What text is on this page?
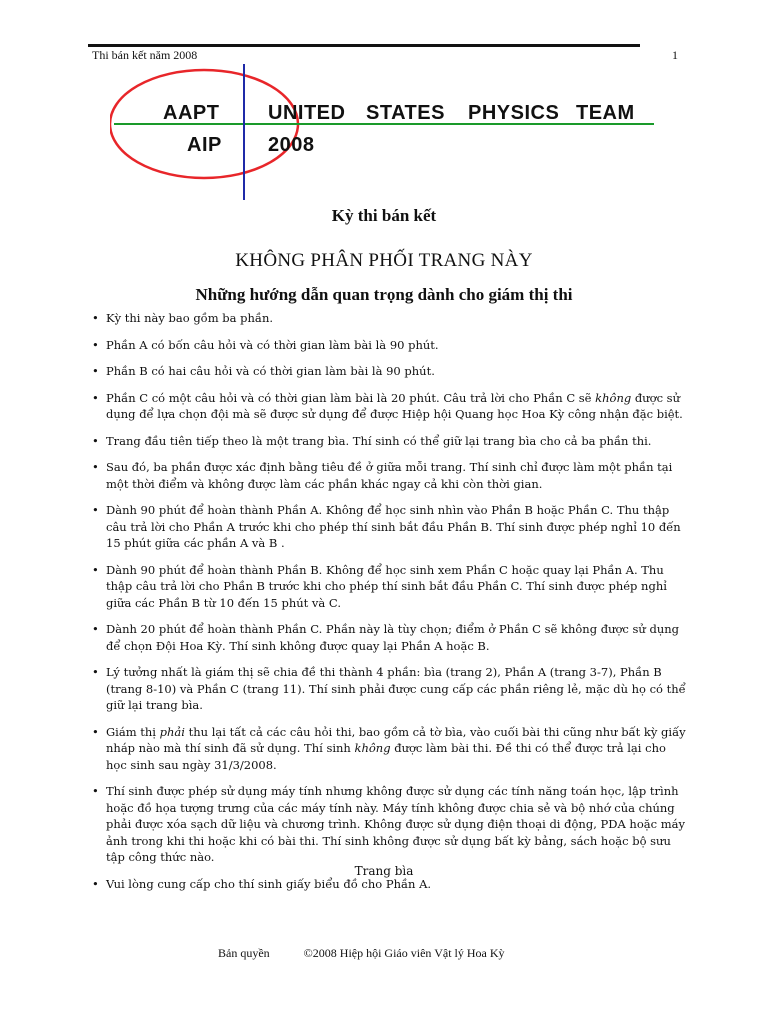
Thi bán kết năm 2008	1
AAPT
AIP
UNITED STATES PHYSICS TEAM
2008
Kỳ thi bán kết
KHÔNG PHÂN PHỐI TRANG NÀY
Những hướng dẫn quan trọng dành cho giám thị thi
• Kỳ thi này bao gồm ba phần.
• Phần A có bốn câu hỏi và có thời gian làm bài là 90 phút.
• Phần B có hai câu hỏi và có thời gian làm bài là 90 phút.
• Phần C có một câu hỏi và có thời gian làm bài là 20 phút. Câu trả lời cho Phần C sẽ không được sử dụng để lựa chọn đội mà sẽ được sử dụng để được Hiệp hội Quang học Hoa Kỳ công nhận đặc biệt.
• Trang đầu tiên tiếp theo là một trang bìa. Thí sinh có thể giữ lại trang bìa cho cả ba phần thi.
• Sau đó, ba phần được xác định bằng tiêu đề ở giữa mỗi trang. Thí sinh chỉ được làm một phần tại một thời điểm và không được làm các phần khác ngay cả khi còn thời gian.
• Dành 90 phút để hoàn thành Phần A. Không để học sinh nhìn vào Phần B hoặc Phần C. Thu thập câu trả lời cho Phần A trước khi cho phép thí sinh bắt đầu Phần B. Thí sinh được phép nghỉ 10 đến 15 phút giữa các phần A và B .
• Dành 90 phút để hoàn thành Phần B. Không để học sinh xem Phần C hoặc quay lại Phần A. Thu thập câu trả lời cho Phần B trước khi cho phép thí sinh bắt đầu Phần C. Thí sinh được phép nghỉ giữa các Phần B từ 10 đến 15 phút và C.
• Dành 20 phút để hoàn thành Phần C. Phần này là tùy chọn; điểm ở Phần C sẽ không được sử dụng để chọn Đội Hoa Kỳ. Thí sinh không được quay lại Phần A hoặc B.
• Lý tưởng nhất là giám thị sẽ chia đề thi thành 4 phần: bìa (trang 2), Phần A (trang 3-7), Phần B (trang 8-10) và Phần C (trang 11). Thí sinh phải được cung cấp các phần riêng lẻ, mặc dù họ có thể giữ lại trang bìa.
• Giám thị phải thu lại tất cả các câu hỏi thi, bao gồm cả tờ bìa, vào cuối bài thi cũng như bất kỳ giấy nháp nào mà thí sinh đã sử dụng. Thí sinh không được làm bài thi. Đề thi có thể được trả lại cho học sinh sau ngày 31/3/2008.
• Thí sinh được phép sử dụng máy tính nhưng không được sử dụng các tính năng toán học, lập trình hoặc đồ họa tượng trưng của các máy tính này. Máy tính không được chia sẻ và bộ nhớ của chúng phải được xóa sạch dữ liệu và chương trình. Không được sử dụng điện thoại di động, PDA hoặc máy ảnh trong khi thi hoặc khi có bài thi. Thí sinh không được sử dụng bất kỳ bảng, sách hoặc bộ sưu tập công thức nào.
• Vui lòng cung cấp cho thí sinh giấy biểu đồ cho Phần A.
Trang bìa
Bản quyền	©2008 Hiệp hội Giáo viên Vật lý Hoa Kỳ
